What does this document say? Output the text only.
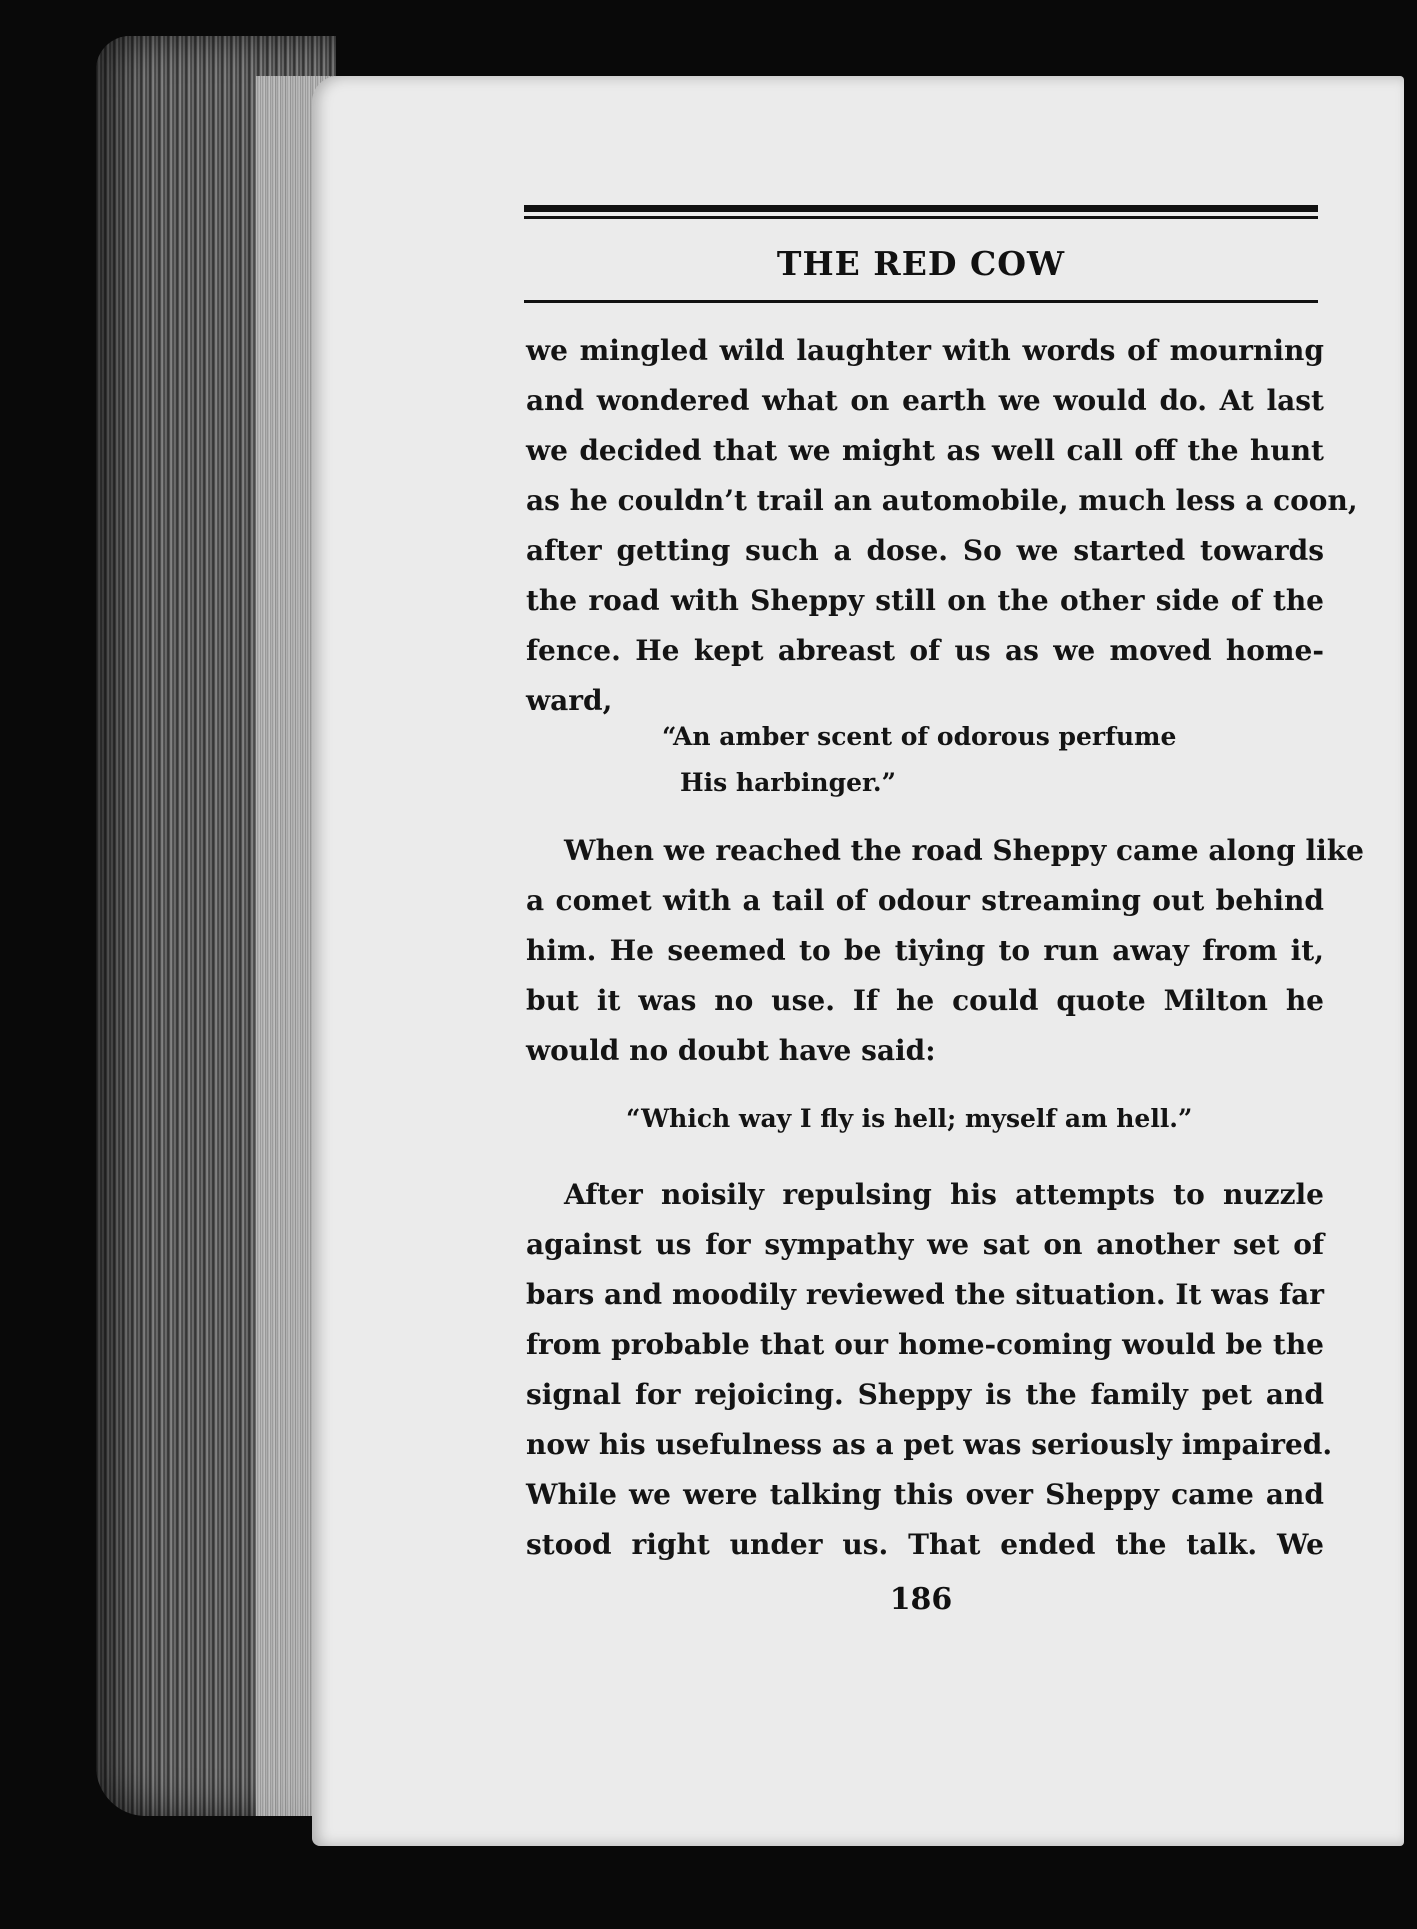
THE RED COW
we mingled wild laughter with words of mourning
and wondered what on earth we would do. At last
we decided that we might as well call off the hunt
as he couldn’t trail an automobile, much less a coon,
after getting such a dose. So we started towards
the road with Sheppy still on the other side of the
fence. He kept abreast of us as we moved home-
ward,
“An amber scent of odorous perfume
His harbinger.”
When we reached the road Sheppy came along like
a comet with a tail of odour streaming out behind
him. He seemed to be tiying to run away from it,
but it was no use. If he could quote Milton he
would no doubt have said:
“Which way I fly is hell; myself am hell.”
After noisily repulsing his attempts to nuzzle
against us for sympathy we sat on another set of
bars and moodily reviewed the situation. It was far
from probable that our home-coming would be the
signal for rejoicing. Sheppy is the family pet and
now his usefulness as a pet was seriously impaired.
While we were talking this over Sheppy came and
stood right under us. That ended the talk. We
186
